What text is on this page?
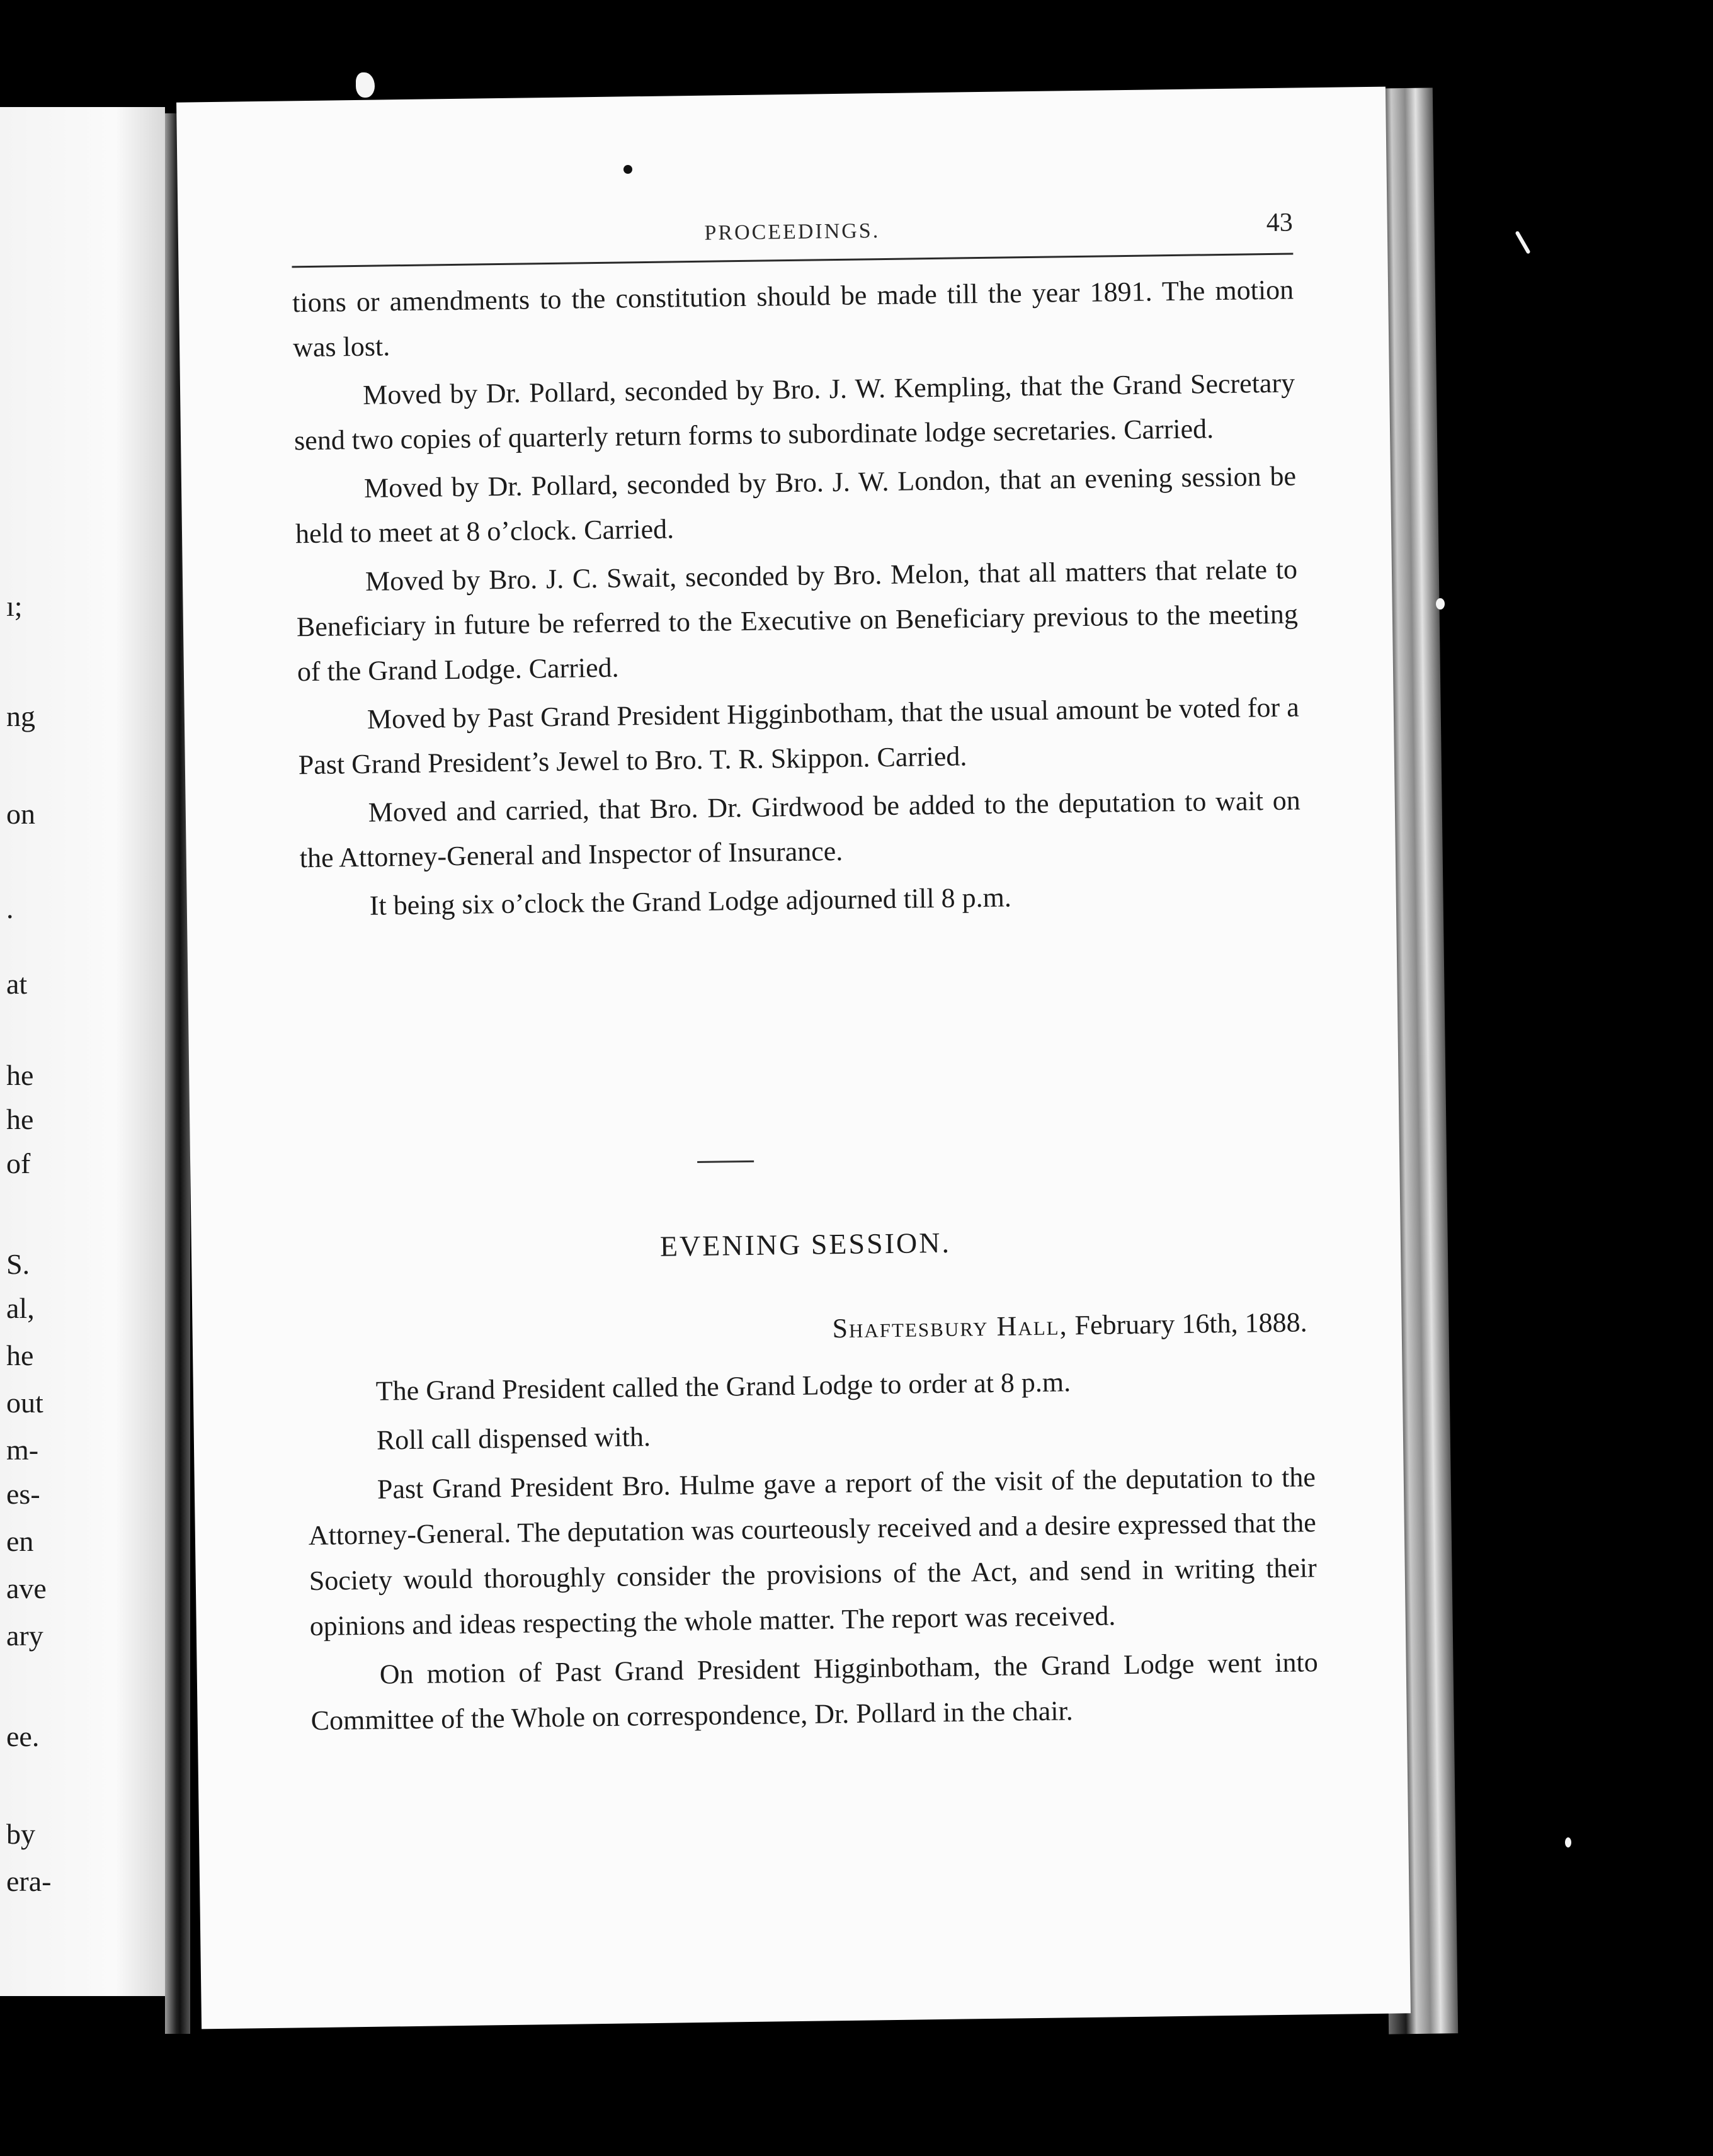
ı;
ng
on
.
at
he
he
of
S.
al,
he
out
m-
es-
en
ave
ary
ee.
by
era-
PROCEEDINGS.	43

tions or amendments to the constitution should be made till the year 1891. The motion was lost.

Moved by Dr. Pollard, seconded by Bro. J. W. Kempling, that the Grand Secretary send two copies of quarterly return forms to subordinate lodge secretaries. Carried.

Moved by Dr. Pollard, seconded by Bro. J. W. London, that an evening session be held to meet at 8 o’clock. Carried.

Moved by Bro. J. C. Swait, seconded by Bro. Melon, that all matters that relate to Beneficiary in future be referred to the Executive on Beneficiary previous to the meeting of the Grand Lodge. Carried.

Moved by Past Grand President Higginbotham, that the usual amount be voted for a Past Grand President’s Jewel to Bro. T. R. Skippon. Carried.

Moved and carried, that Bro. Dr. Girdwood be added to the deputation to wait on the Attorney-General and Inspector of Insurance.

It being six o’clock the Grand Lodge adjourned till 8 p.m.

EVENING SESSION.
Shaftesbury Hall, February 16th, 1888.

The Grand President called the Grand Lodge to order at 8 p.m.

Roll call dispensed with.

Past Grand President Bro. Hulme gave a report of the visit of the deputation to the Attorney-General. The deputation was courteously received and a desire expressed that the Society would thoroughly consider the provisions of the Act, and send in writing their opinions and ideas respecting the whole matter. The report was received.

On motion of Past Grand President Higginbotham, the Grand Lodge went into Committee of the Whole on correspondence, Dr. Pollard in the chair.
